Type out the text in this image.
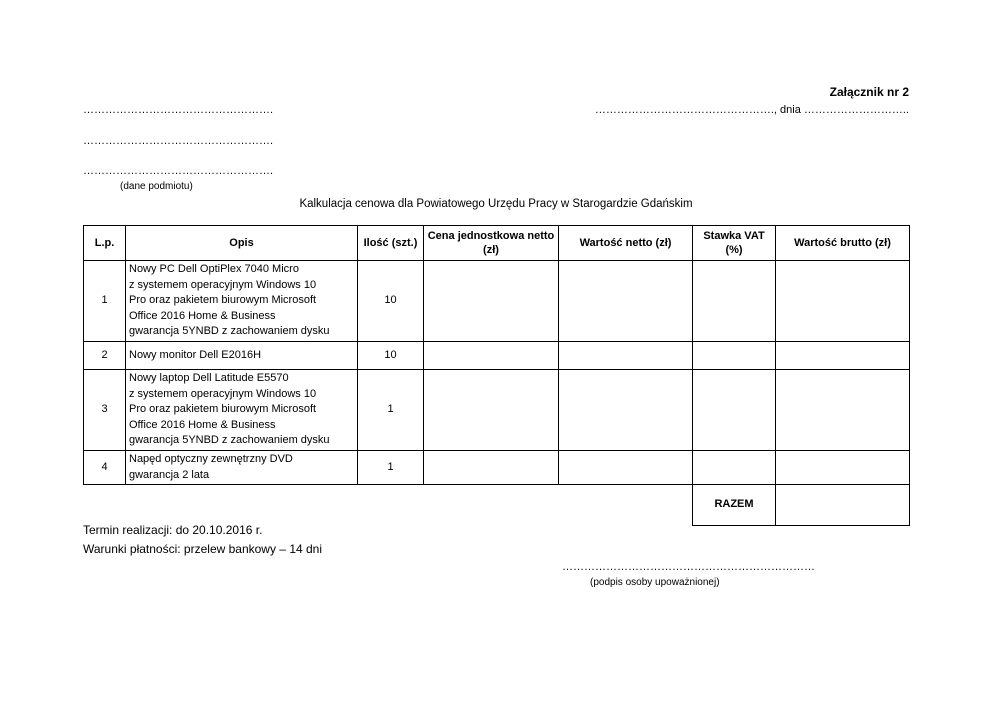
Załącznik nr 2
…………………………………………….	…………………………………………., dnia ………………………..
…………………………………………….
…………………………………………….
(dane podmiotu)
Kalkulacja cenowa dla Powiatowego Urzędu Pracy w Starogardzie Gdańskim
L.p.	Opis	Ilość (szt.)	Cena jednostkowa netto (zł)	Wartość netto (zł)	Stawka VAT (%)	Wartość brutto (zł)
1	Nowy PC Dell OptiPlex 7040 Micro
z systemem operacyjnym Windows 10
Pro oraz pakietem biurowym Microsoft
Office 2016 Home & Business
gwarancja 5YNBD z zachowaniem dysku	10				
2	Nowy monitor Dell E2016H	10				
3	Nowy laptop Dell Latitude E5570
z systemem operacyjnym Windows 10
Pro oraz pakietem biurowym Microsoft
Office 2016 Home & Business
gwarancja 5YNBD z zachowaniem dysku	1				
4	Napęd optyczny zewnętrzny DVD
gwarancja 2 lata	1				
					RAZEM	
Termin realizacji: do 20.10.2016 r.
Warunki płatności: przelew bankowy – 14 dni
……………………………………………………………
(podpis osoby upoważnionej)
